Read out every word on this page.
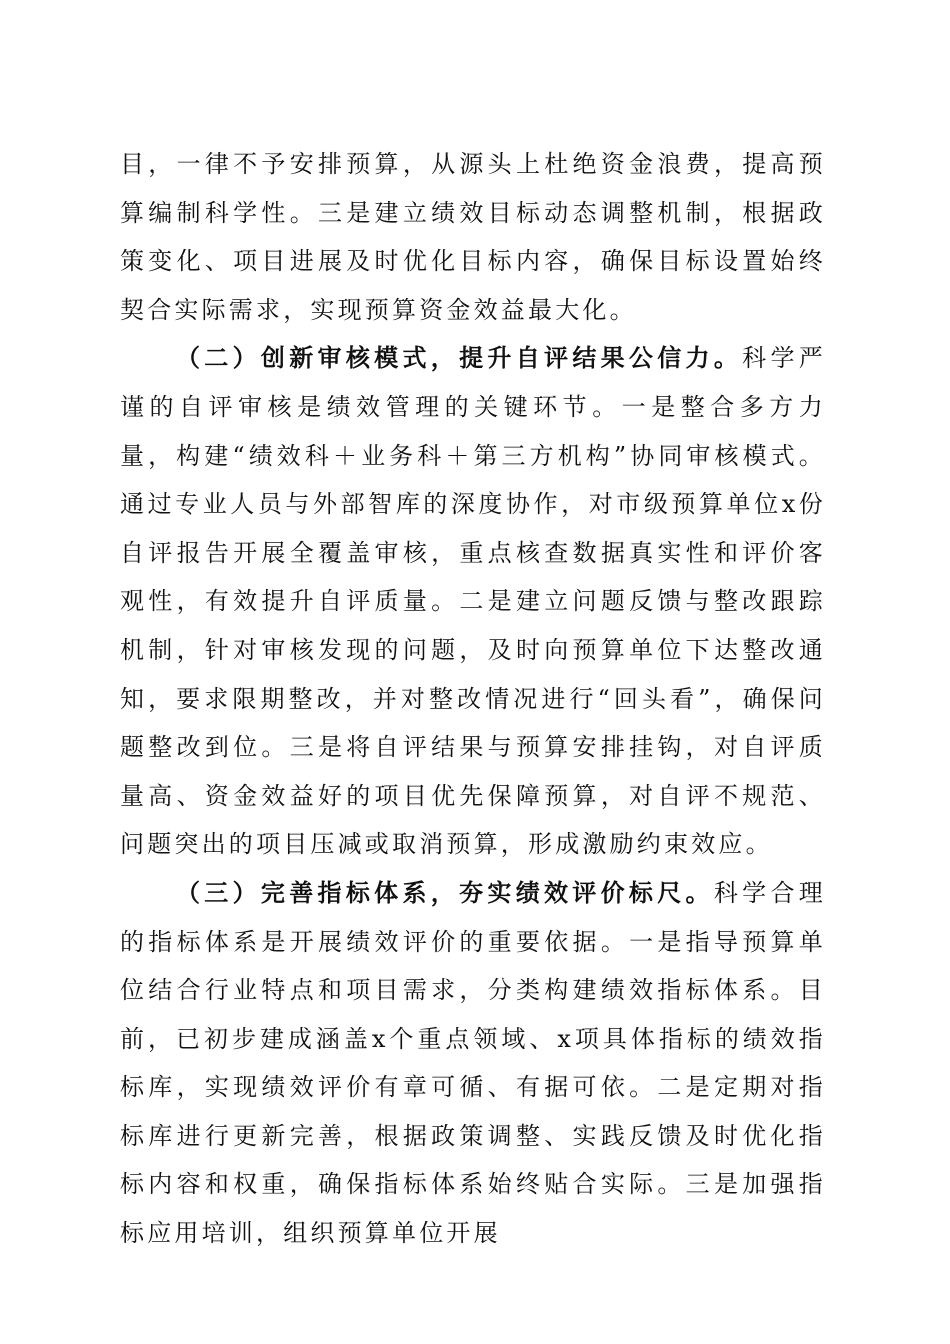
目，一律不予安排预算，从源头上杜绝资金浪费，提高预算编制科学性。三是建立绩效目标动态调整机制，根据政策变化、项目进展及时优化目标内容，确保目标设置始终契合实际需求，实现预算资金效益最大化。

（二）创新审核模式，提升自评结果公信力。科学严谨的自评审核是绩效管理的关键环节。一是整合多方力量，构建“绩效科＋业务科＋第三方机构”协同审核模式。通过专业人员与外部智库的深度协作，对市级预算单位x份自评报告开展全覆盖审核，重点核查数据真实性和评价客观性，有效提升自评质量。二是建立问题反馈与整改跟踪机制，针对审核发现的问题，及时向预算单位下达整改通知，要求限期整改，并对整改情况进行“回头看”，确保问题整改到位。三是将自评结果与预算安排挂钩，对自评质量高、资金效益好的项目优先保障预算，对自评不规范、问题突出的项目压减或取消预算，形成激励约束效应。

（三）完善指标体系，夯实绩效评价标尺。科学合理的指标体系是开展绩效评价的重要依据。一是指导预算单位结合行业特点和项目需求，分类构建绩效指标体系。目前，已初步建成涵盖x个重点领域、x项具体指标的绩效指标库，实现绩效评价有章可循、有据可依。二是定期对指标库进行更新完善，根据政策调整、实践反馈及时优化指标内容和权重，确保指标体系始终贴合实际。三是加强指标应用培训，组织预算单位开展
